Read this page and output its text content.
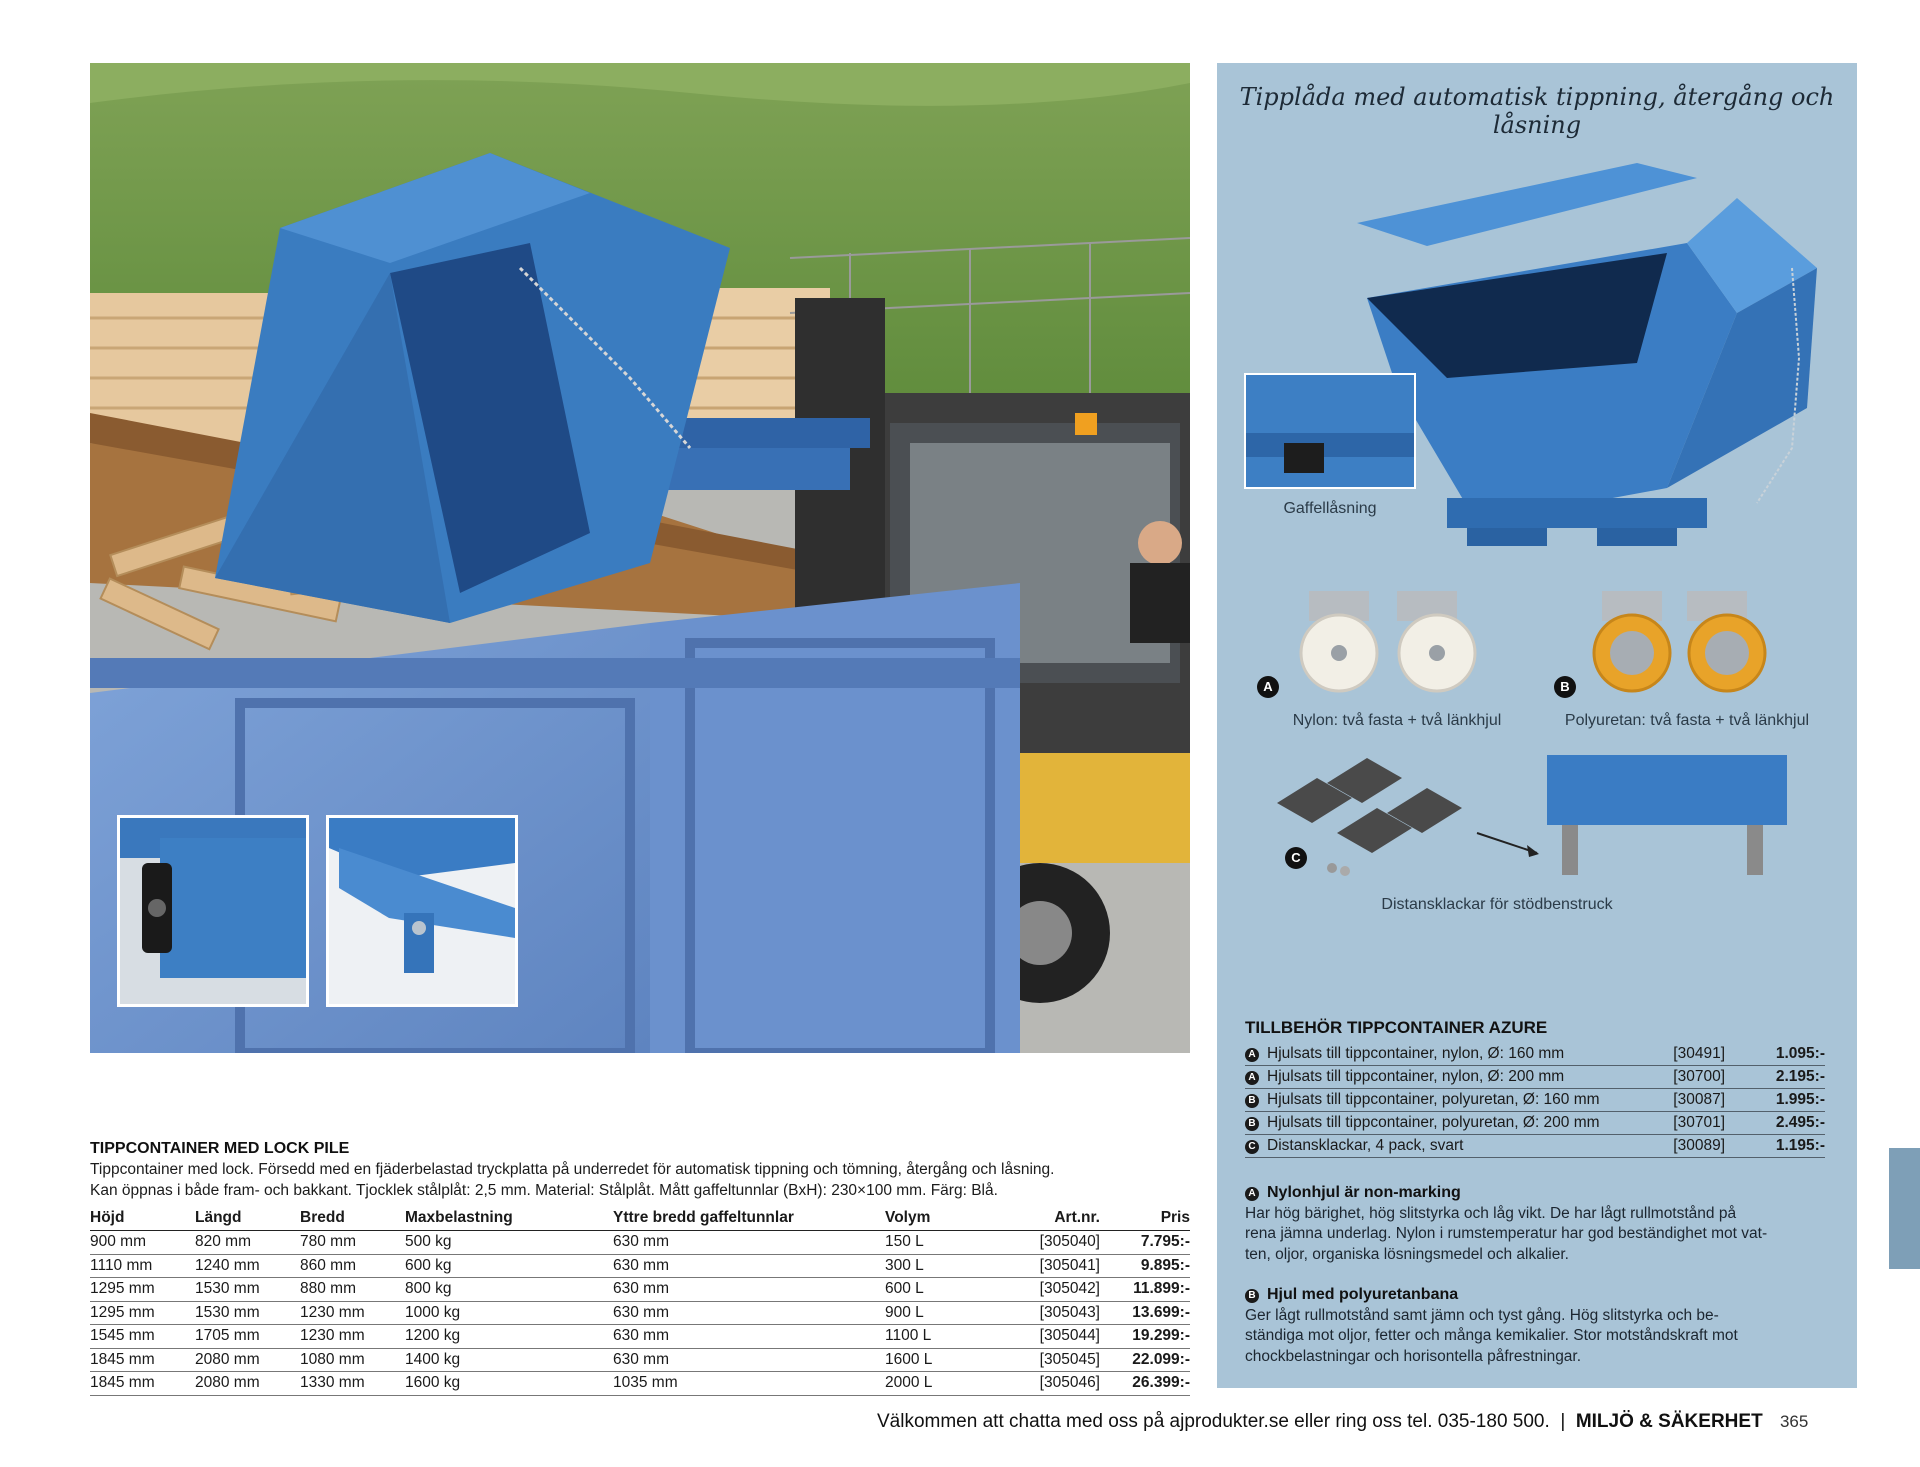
Tipplåda med automatisk tippning, återgång och låsning
Gaffellåsning
A
Nylon: två fasta + två länkhjul
B
Polyuretan: två fasta + två länkhjul
C
Distansklackar för stödbenstruck
TILLBEHÖR TIPPCONTAINER AZURE
A Hjulsats till tippcontainer, nylon, Ø: 160 mm	[30491]	1.095:-
A Hjulsats till tippcontainer, nylon, Ø: 200 mm	[30700]	2.195:-
B Hjulsats till tippcontainer, polyuretan, Ø: 160 mm	[30087]	1.995:-
B Hjulsats till tippcontainer, polyuretan, Ø: 200 mm	[30701]	2.495:-
C Distansklackar, 4 pack, svart	[30089]	1.195:-
A Nylonhjul är non-marking

Har hög bärighet, hög slitstyrka och låg vikt. De har lågt rullmotstånd på

rena jämna underlag. Nylon i rumstemperatur har god beständighet mot vat-

ten, oljor, organiska lösningsmedel och alkalier.

B Hjul med polyuretanbana

Ger lågt rullmotstånd samt jämn och tyst gång. Hög slitstyrka och be-

ständiga mot oljor, fetter och många kemikalier. Stor motståndskraft mot

chockbelastningar och horisontella påfrestningar.

TIPPCONTAINER MED LOCK PILE

Tippcontainer med lock. Försedd med en fjäderbelastad tryckplatta på underredet för automatisk tippning och tömning, återgång och låsning.

Kan öppnas i både fram- och bakkant. Tjocklek stålplåt: 2,5 mm. Material: Stålplåt. Mått gaffeltunnlar (BxH): 230×100 mm. Färg: Blå.

Höjd	Längd	Bredd	Maxbelastning	Yttre bredd gaffeltunnlar	Volym	Art.nr.	Pris
900 mm	820 mm	780 mm	500 kg	630 mm	150 L	[305040]	7.795:-
1110 mm	1240 mm	860 mm	600 kg	630 mm	300 L	[305041]	9.895:-
1295 mm	1530 mm	880 mm	800 kg	630 mm	600 L	[305042]	11.899:-
1295 mm	1530 mm	1230 mm	1000 kg	630 mm	900 L	[305043]	13.699:-
1545 mm	1705 mm	1230 mm	1200 kg	630 mm	1100 L	[305044]	19.299:-
1845 mm	2080 mm	1080 mm	1400 kg	630 mm	1600 L	[305045]	22.099:-
1845 mm	2080 mm	1330 mm	1600 kg	1035 mm	2000 L	[305046]	26.399:-
Välkommen att chatta med oss på ajprodukter.se eller ring oss tel. 035-180 500.  |  MILJÖ & SÄKERHET 365
